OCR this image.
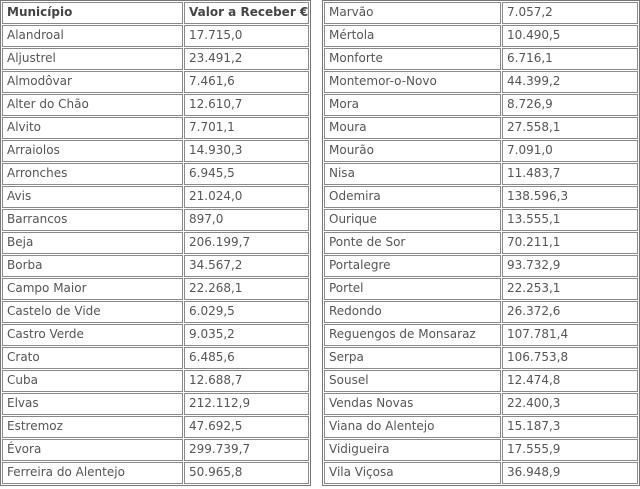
Município	Valor a Receber €
Alandroal	17.715,0
Aljustrel	23.491,2
Almodôvar	7.461,6
Alter do Chão	12.610,7
Alvito	7.701,1
Arraiolos	14.930,3
Arronches	6.945,5
Avis	21.024,0
Barrancos	897,0
Beja	206.199,7
Borba	34.567,2
Campo Maior	22.268,1
Castelo de Vide	6.029,5
Castro Verde	9.035,2
Crato	6.485,6
Cuba	12.688,7
Elvas	212.112,9
Estremoz	47.692,5
Évora	299.739,7
Ferreira do Alentejo	50.965,8
Marvão	7.057,2
Mértola	10.490,5
Monforte	6.716,1
Montemor-o-Novo	44.399,2
Mora	8.726,9
Moura	27.558,1
Mourão	7.091,0
Nisa	11.483,7
Odemira	138.596,3
Ourique	13.555,1
Ponte de Sor	70.211,1
Portalegre	93.732,9
Portel	22.253,1
Redondo	26.372,6
Reguengos de Monsaraz	107.781,4
Serpa	106.753,8
Sousel	12.474,8
Vendas Novas	22.400,3
Viana do Alentejo	15.187,3
Vidigueira	17.555,9
Vila Viçosa	36.948,9
